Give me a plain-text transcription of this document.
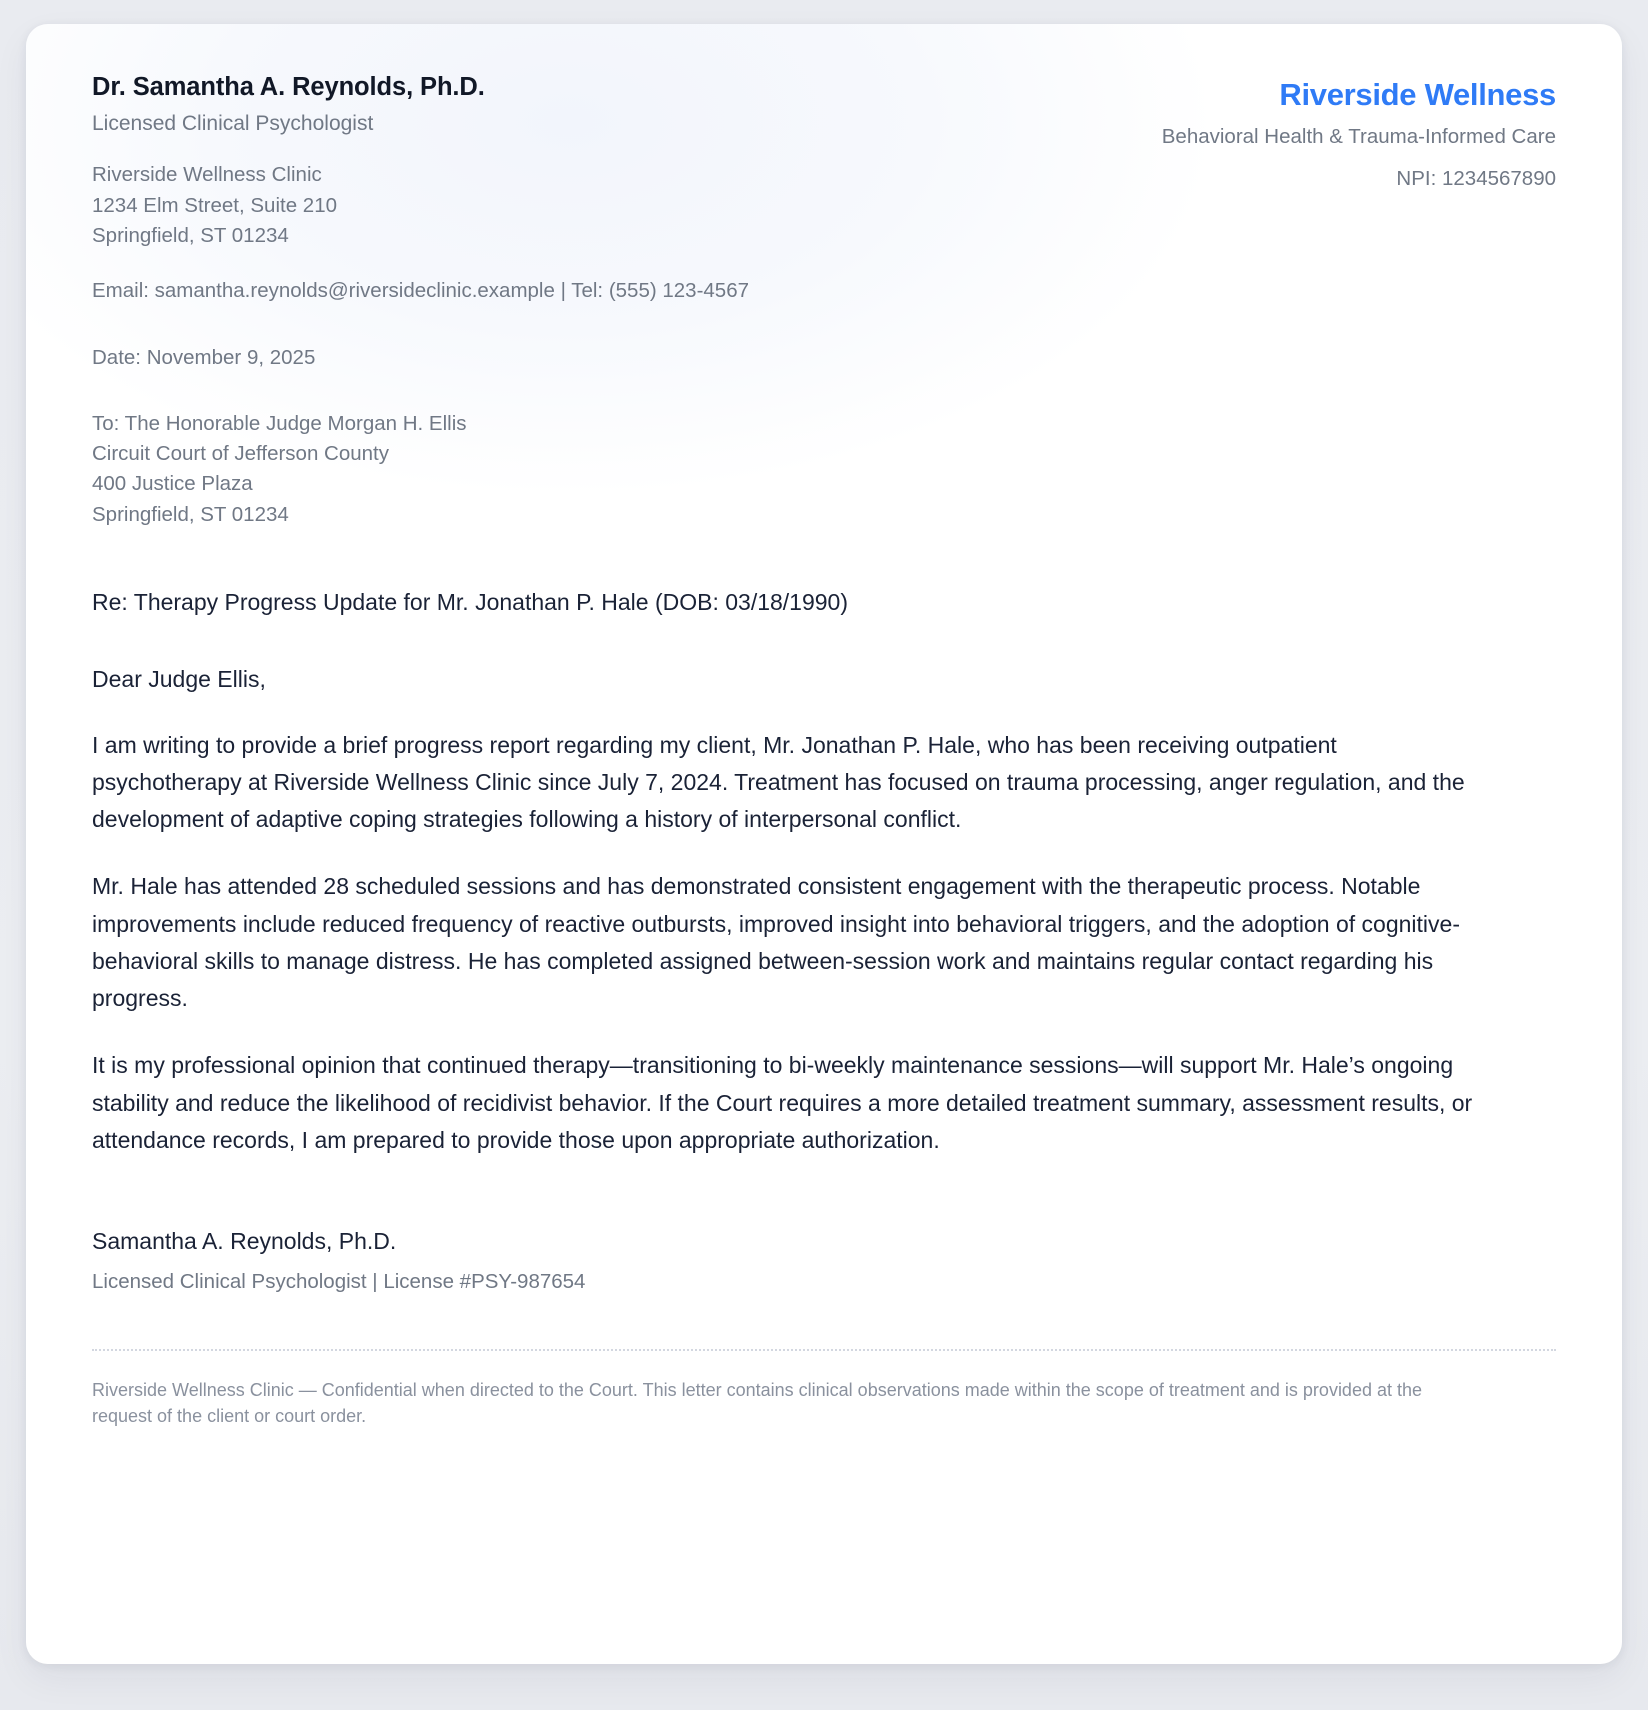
Dr. Samantha A. Reynolds, Ph.D.
Licensed Clinical Psychologist
Riverside Wellness Clinic
1234 Elm Street, Suite 210
Springfield, ST 01234
Email: samantha.reynolds@riversideclinic.example | Tel: (555) 123-4567
Riverside Wellness
Behavioral Health & Trauma-Informed Care
NPI: 1234567890
Date: November 9, 2025
To: The Honorable Judge Morgan H. Ellis
Circuit Court of Jefferson County
400 Justice Plaza
Springfield, ST 01234
Re: Therapy Progress Update for Mr. Jonathan P. Hale (DOB: 03/18/1990)
Dear Judge Ellis,

I am writing to provide a brief progress report regarding my client, Mr. Jonathan P. Hale, who has been receiving outpatient psychotherapy at Riverside Wellness Clinic since July 7, 2024. Treatment has focused on trauma processing, anger regulation, and the development of adaptive coping strategies following a history of interpersonal conflict.

Mr. Hale has attended 28 scheduled sessions and has demonstrated consistent engagement with the therapeutic process. Notable improvements include reduced frequency of reactive outbursts, improved insight into behavioral triggers, and the adoption of cognitive-behavioral skills to manage distress. He has completed assigned between-session work and maintains regular contact regarding his progress.

It is my professional opinion that continued therapy—transitioning to bi-weekly maintenance sessions—will support Mr. Hale’s ongoing stability and reduce the likelihood of recidivist behavior. If the Court requires a more detailed treatment summary, assessment results, or attendance records, I am prepared to provide those upon appropriate authorization.

Samantha A. Reynolds, Ph.D.
Licensed Clinical Psychologist | License #PSY-987654

Riverside Wellness Clinic — Confidential when directed to the Court. This letter contains clinical observations made within the scope of treatment and is provided at the request of the client or court order.
